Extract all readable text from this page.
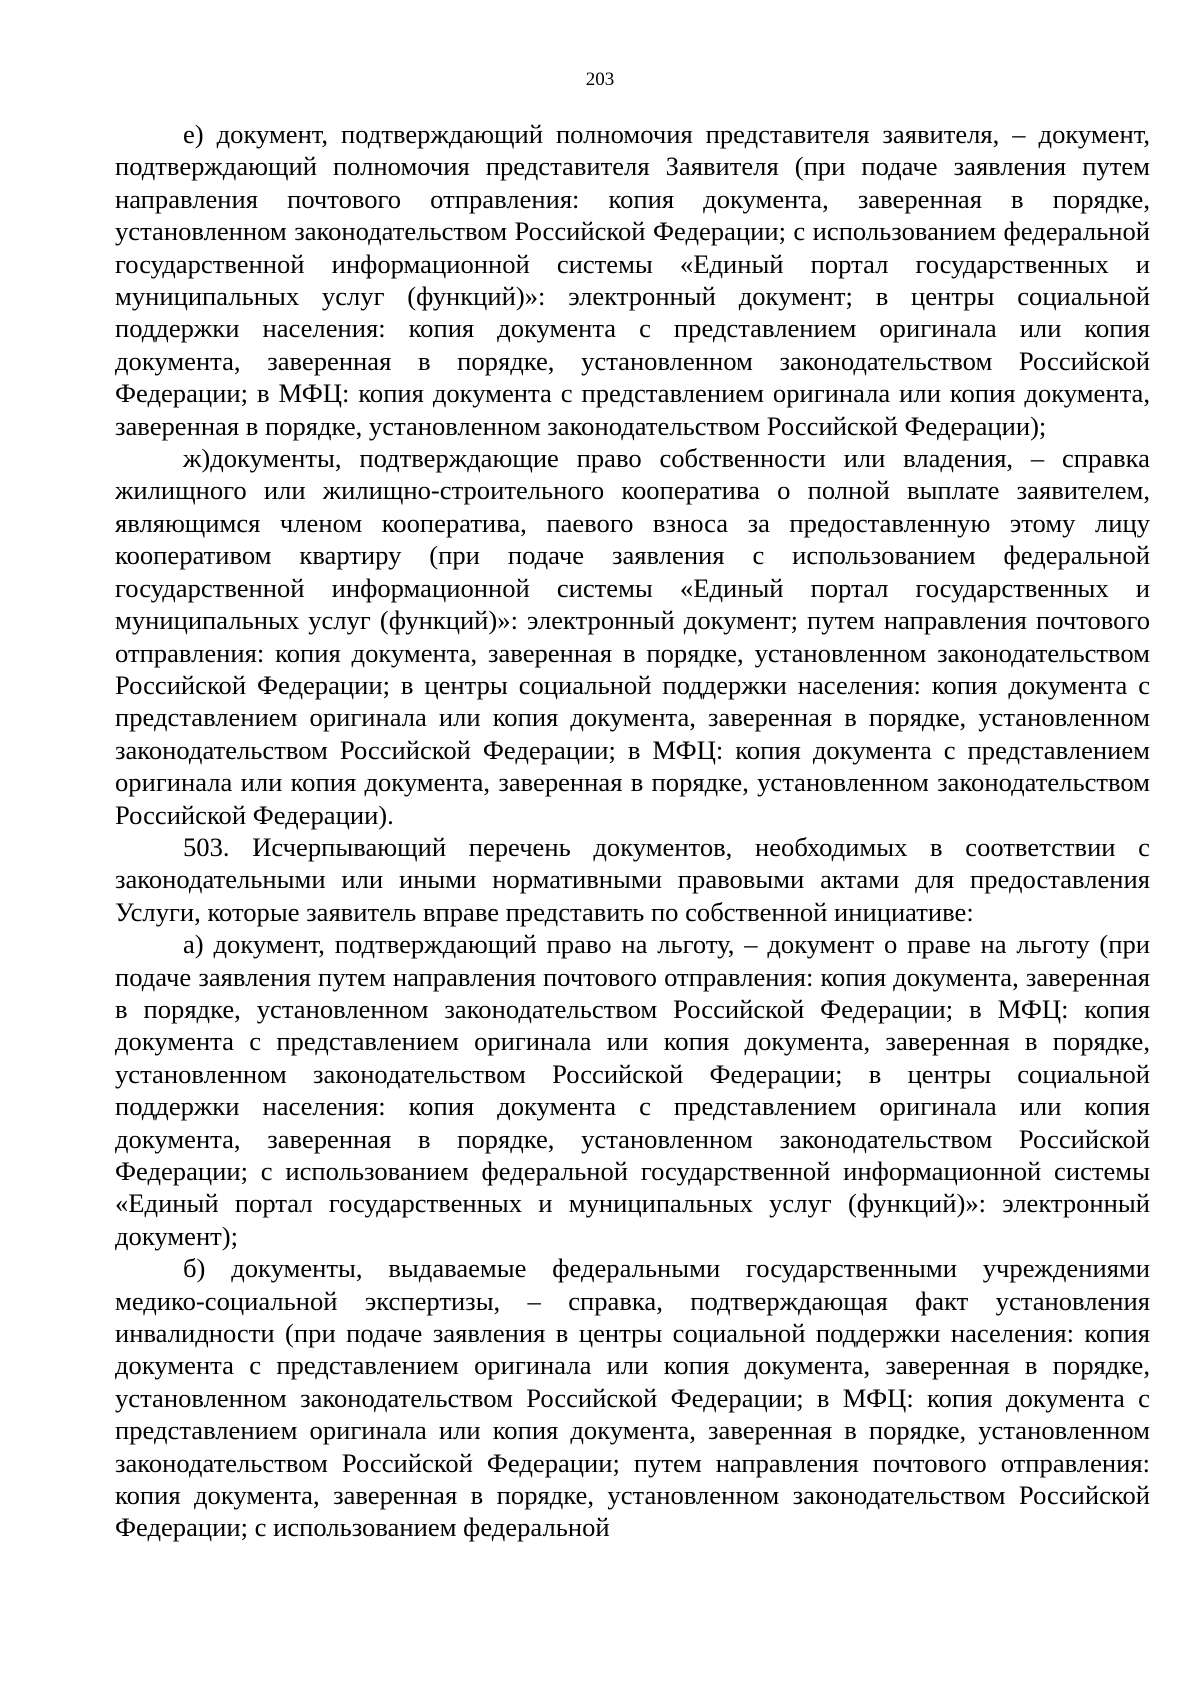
203

е) документ, подтверждающий полномочия представителя заявителя, – документ, подтверждающий полномочия представителя Заявителя (при подаче заявления путем направления почтового отправления: копия документа, заверенная в порядке, установленном законодательством Российской Федерации; с использованием федеральной государственной информационной системы «Единый портал государственных и муниципальных услуг (функций)»: электронный документ; в центры социальной поддержки населения: копия документа с представлением оригинала или копия документа, заверенная в порядке, установленном законодательством Российской Федерации; в МФЦ: копия документа с представлением оригинала или копия документа, заверенная в порядке, установленном законодательством Российской Федерации);

ж)документы, подтверждающие право собственности или владения, – справка жилищного или жилищно-строительного кооператива о полной выплате заявителем, являющимся членом кооператива, паевого взноса за предоставленную этому лицу кооперативом квартиру (при подаче заявления с использованием федеральной государственной информационной системы «Единый портал государственных и муниципальных услуг (функций)»: электронный документ; путем направления почтового отправления: копия документа, заверенная в порядке, установленном законодательством Российской Федерации; в центры социальной поддержки населения: копия документа с представлением оригинала или копия документа, заверенная в порядке, установленном законодательством Российской Федерации; в МФЦ: копия документа с представлением оригинала или копия документа, заверенная в порядке, установленном законодательством Российской Федерации).

503. Исчерпывающий перечень документов, необходимых в соответствии с законодательными или иными нормативными правовыми актами для предоставления Услуги, которые заявитель вправе представить по собственной инициативе:

а) документ, подтверждающий право на льготу, – документ о праве на льготу (при подаче заявления путем направления почтового отправления: копия документа, заверенная в порядке, установленном законодательством Российской Федерации; в МФЦ: копия документа с представлением оригинала или копия документа, заверенная в порядке, установленном законодательством Российской Федерации; в центры социальной поддержки населения: копия документа с представлением оригинала или копия документа, заверенная в порядке, установленном законодательством Российской Федерации; с использованием федеральной государственной информационной системы «Единый портал государственных и муниципальных услуг (функций)»: электронный документ);

б) документы, выдаваемые федеральными государственными учреждениями медико-социальной экспертизы, – справка, подтверждающая факт установления инвалидности (при подаче заявления в центры социальной поддержки населения: копия документа с представлением оригинала или копия документа, заверенная в порядке, установленном законодательством Российской Федерации; в МФЦ: копия документа с представлением оригинала или копия документа, заверенная в порядке, установленном законодательством Российской Федерации; путем направления почтового отправления: копия документа, заверенная в порядке, установленном законодательством Российской Федерации; с использованием федеральной
